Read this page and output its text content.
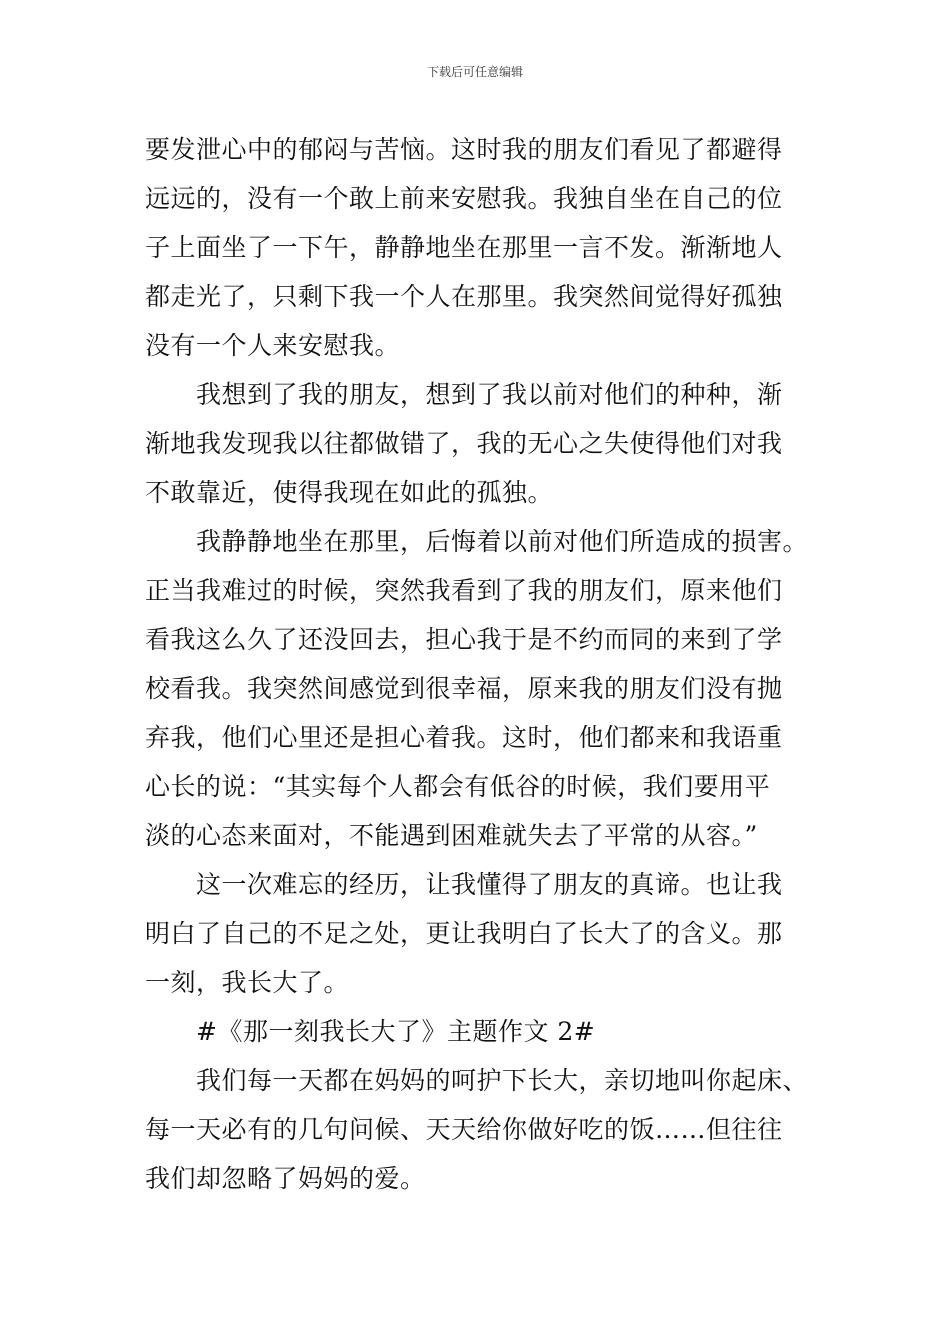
下载后可任意编辑
要发泄心中的郁闷与苦恼。这时我的朋友们看见了都避得
远远的，没有一个敢上前来安慰我。我独自坐在自己的位
子上面坐了一下午，静静地坐在那里一言不发。渐渐地人
都走光了，只剩下我一个人在那里。我突然间觉得好孤独
没有一个人来安慰我。
我想到了我的朋友，想到了我以前对他们的种种，渐
渐地我发现我以往都做错了，我的无心之失使得他们对我
不敢靠近，使得我现在如此的孤独。
我静静地坐在那里，后悔着以前对他们所造成的损害。
正当我难过的时候，突然我看到了我的朋友们，原来他们
看我这么久了还没回去，担心我于是不约而同的来到了学
校看我。我突然间感觉到很幸福，原来我的朋友们没有抛
弃我，他们心里还是担心着我。这时，他们都来和我语重
心长的说：“其实每个人都会有低谷的时候，我们要用平
淡的心态来面对，不能遇到困难就失去了平常的从容。”
这一次难忘的经历，让我懂得了朋友的真谛。也让我
明白了自己的不足之处，更让我明白了长大了的含义。那
一刻，我长大了。
#《那一刻我长大了》主题作文 2#
我们每一天都在妈妈的呵护下长大，亲切地叫你起床、
每一天必有的几句问候、天天给你做好吃的饭……但往往
我们却忽略了妈妈的爱。
